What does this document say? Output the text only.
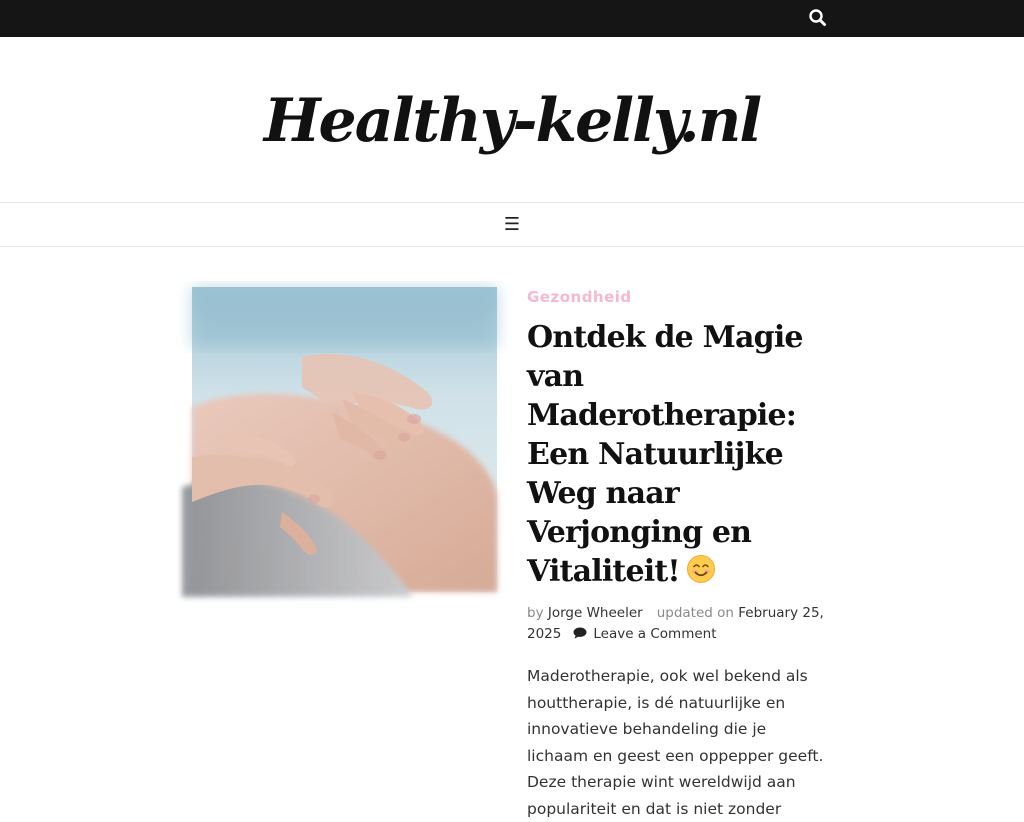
Healthy-kelly.nl
☰
Gezondheid
Ontdek de Magie van Maderotherapie: Een Natuurlijke Weg naar Verjonging en Vitaliteit!
by Jorge Wheeler updated on February 25, 2025 Leave a Comment
Maderotherapie, ook wel bekend als houttherapie, is dé natuurlijke en innovatieve behandeling die je lichaam en geest een oppepper geeft. Deze therapie wint wereldwijd aan populariteit en dat is niet zonder
